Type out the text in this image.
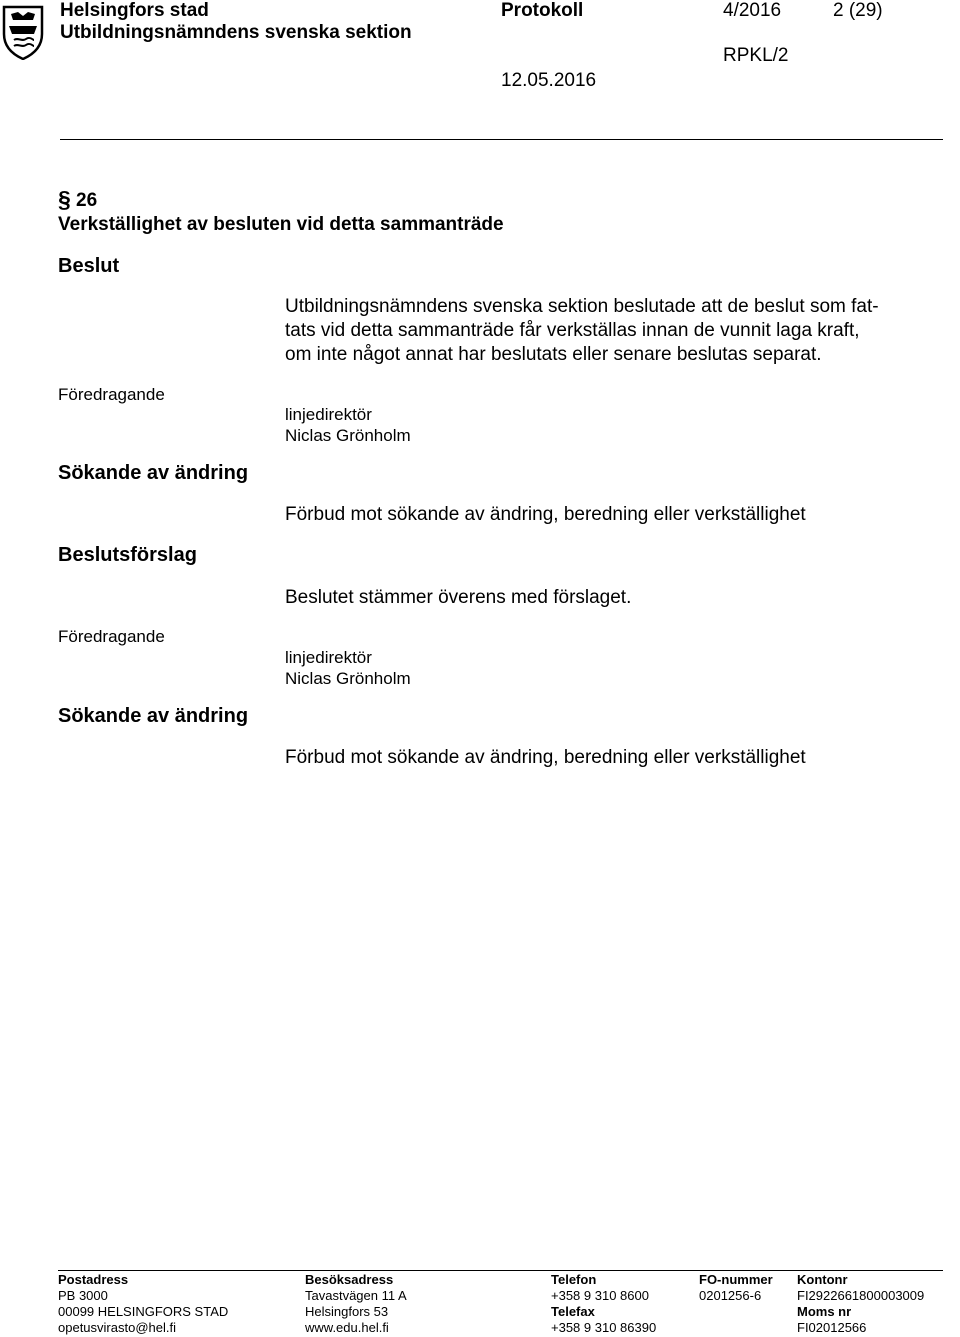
Helsingfors stad
Utbildningsnämndens svenska sektion
Protokoll	4/2016	2 (29)
RPKL/2
12.05.2016
§ 26
Verkställighet av besluten vid detta sammanträde
Beslut
Utbildningsnämndens svenska sektion beslutade att de beslut som fat-
tats vid detta sammanträde får verkställas innan de vunnit laga kraft,
om inte något annat har beslutats eller senare beslutas separat.
Föredragande
linjedirektör
Niclas Grönholm
Sökande av ändring
Förbud mot sökande av ändring, beredning eller verkställighet
Beslutsförslag
Beslutet stämmer överens med förslaget.
Föredragande
linjedirektör
Niclas Grönholm
Sökande av ändring
Förbud mot sökande av ändring, beredning eller verkställighet
Postadress
PB 3000
00099 HELSINGFORS STAD
opetusvirasto@hel.fi
Besöksadress
Tavastvägen 11 A
Helsingfors 53
www.edu.hel.fi
Telefon
+358 9 310 8600
Telefax
+358 9 310 86390
FO-nummer
0201256-6
Kontonr
FI2922661800003009
Moms nr
FI02012566
